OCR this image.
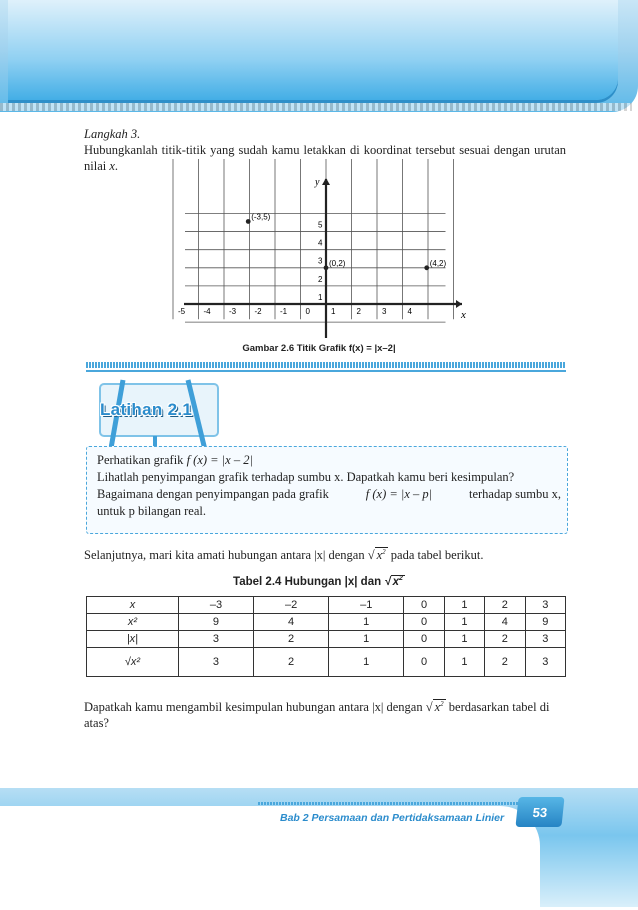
Langkah 3.
Hubungkanlah titik-titik yang sudah kamu letakkan di koordinat tersebut sesuai dengan urutan nilai x.
x
y
-5 -4 -3 -2 -1 0	1	2	3	4
1
2
3
4
5
(-3,5)
(0,2)	(4,2)
Gambar 2.6 Titik Grafik f(x) = |x–2|
Latihan 2.1
Perhatikan grafik f (x) = |x – 2|
Lihatlah penyimpangan grafik terhadap sumbu x. Dapatkah kamu beri kesimpulan?
Bagaimana dengan penyimpangan pada grafik	f (x) = |x – p|	terhadap sumbu x,
untuk p bilangan real.
Selanjutnya, mari kita amati hubungan antara |x| dengan √ $x^2$ pada tabel berikut.
Tabel 2.4 Hubungan |x| dan √ $x^2$
x	–3	–2	–1	0	1	2	3
x²	9	4	1	0	1	4	9
|x|	3	2	1	0	1	2	3
√x²	3	2	1	0	1	2	3
Dapatkah kamu mengambil kesimpulan hubungan antara |x| dengan √ $x^2$ berdasarkan tabel di atas?
Bab 2 Persamaan dan Pertidaksamaan Linier	53
